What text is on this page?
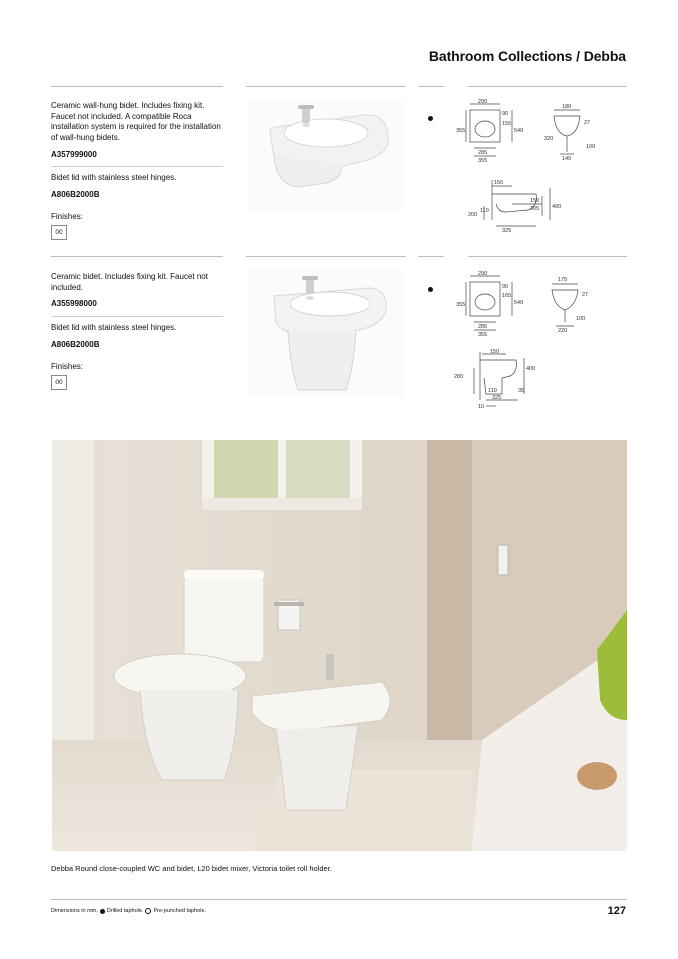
Bathroom Collections / Debba
Ceramic wall-hung bidet. Includes fixing kit. Faucet not included. A compatible Roca installation system is required for the installation of wall-hung bidets.
A357999000
Bidet lid with stainless steel hinges.
A806B2000B
Finishes:
00
290
90
155
540
355
285
355
180
27
320
100
140
150
150
305 400
200
110
325
Ceramic bidet. Includes fixing kit. Faucet not included.
A355998000
Bidet lid with stainless steel hinges.
A806B2000B
Finishes:
00
290
90
165
540
355
285
355
175
27
100
220
150
400
280
110	35
325
10
Debba Round close-coupled WC and bidet, L20 bidet mixer, Victoria toilet roll holder.
Dimensions in mm. Drilled taphole. Pre-punched taphole.	127
